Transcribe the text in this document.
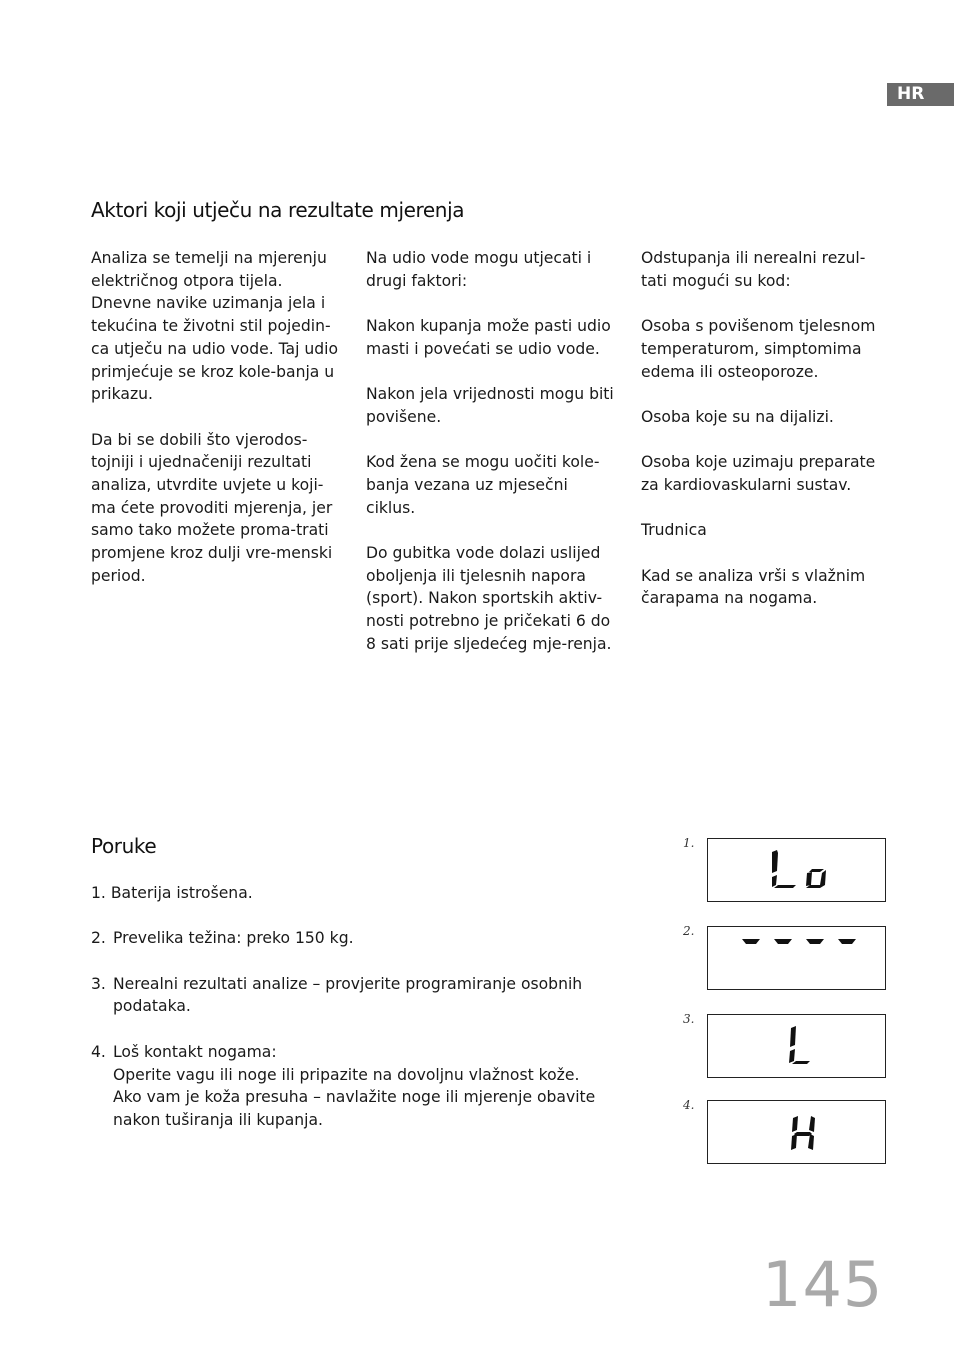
HR
Aktori koji utječu na rezultate mjerenja

Analiza se temelji na mjerenju električnog otpora tijela. Dnevne navike uzimanja jela i tekućina te životni stil pojedin-ca utječu na udio vode. Taj udio primjećuje se kroz kole-banja u prikazu.

Da bi se dobili što vjerodos-tojniji i ujednačeniji rezultati analiza, utvrdite uvjete u koji-ma ćete provoditi mjerenja, jer samo tako možete proma-trati promjene kroz dulji vre-menski period.

Na udio vode mogu utjecati i drugi faktori:

Nakon kupanja može pasti udio masti i povećati se udio vode.

Nakon jela vrijednosti mogu biti povišene.

Kod žena se mogu uočiti kole-banja vezana uz mjesečni ciklus.

Do gubitka vode dolazi uslijed oboljenja ili tjelesnih napora (sport). Nakon sportskih aktiv-nosti potrebno je pričekati 6 do 8 sati prije sljedećeg mje-renja.

Odstupanja ili nerealni rezul-tati mogući su kod:

Osoba s povišenom tjelesnom temperaturom, simptomima edema ili osteoporoze.

Osoba koje su na dijalizi.

Osoba koje uzimaju preparate za kardiovaskularni sustav.

Trudnica

Kad se analiza vrši s vlažnim čarapama na nogama.

Poruke
1. Baterija istrošena.
2. Prevelika težina: preko 150 kg.
3. Nerealni rezultati analize – provjerite programiranje osobnih podataka.
4. Loš kontakt nogama:
Operite vagu ili noge ili pripazite na dovoljnu vlažnost kože.
Ako vam je koža presuha – navlažite noge ili mjerenje obavite nakon tuširanja ili kupanja.
1.
2.
3.
4.
145
